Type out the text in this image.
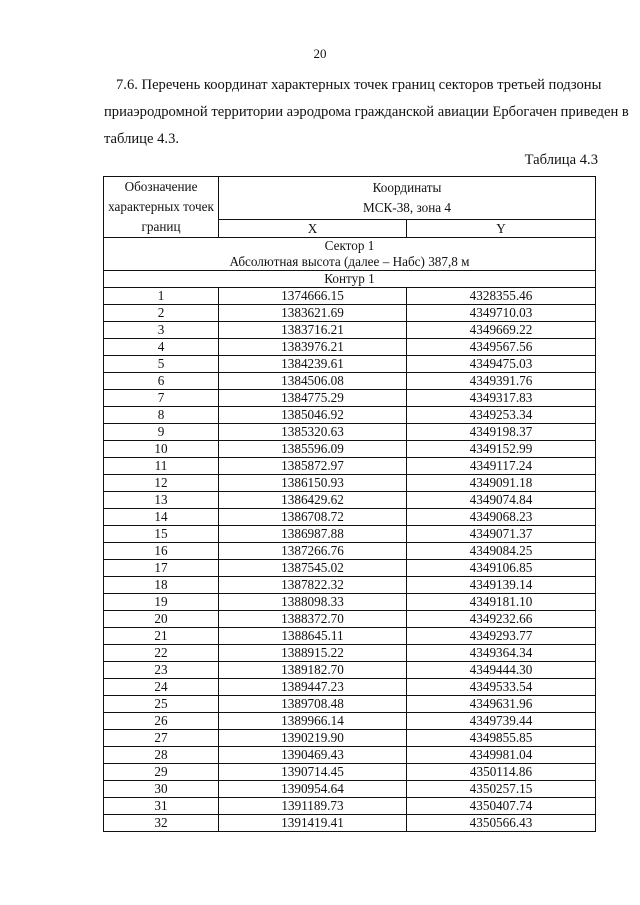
20

7.6. Перечень координат характерных точек границ секторов третьей подзоны
приаэродромной территории аэродрома гражданской авиации Ербогачен приведен в
таблице 4.3.

Таблица 4.3
Обозначение характерных точек границ	Координаты
МСК-38, зона 4	

	X	Y

Сектор 1
Абсолютная высота (далее – Набс) 387,8 м		

Контур 1		
1	1374666.15	4328355.46
2	1383621.69	4349710.03
3	1383716.21	4349669.22
4	1383976.21	4349567.56
5	1384239.61	4349475.03
6	1384506.08	4349391.76
7	1384775.29	4349317.83
8	1385046.92	4349253.34
9	1385320.63	4349198.37
10	1385596.09	4349152.99
11	1385872.97	4349117.24
12	1386150.93	4349091.18
13	1386429.62	4349074.84
14	1386708.72	4349068.23
15	1386987.88	4349071.37
16	1387266.76	4349084.25
17	1387545.02	4349106.85
18	1387822.32	4349139.14
19	1388098.33	4349181.10
20	1388372.70	4349232.66
21	1388645.11	4349293.77
22	1388915.22	4349364.34
23	1389182.70	4349444.30
24	1389447.23	4349533.54
25	1389708.48	4349631.96
26	1389966.14	4349739.44
27	1390219.90	4349855.85
28	1390469.43	4349981.04
29	1390714.45	4350114.86
30	1390954.64	4350257.15
31	1391189.73	4350407.74
32	1391419.41	4350566.43
